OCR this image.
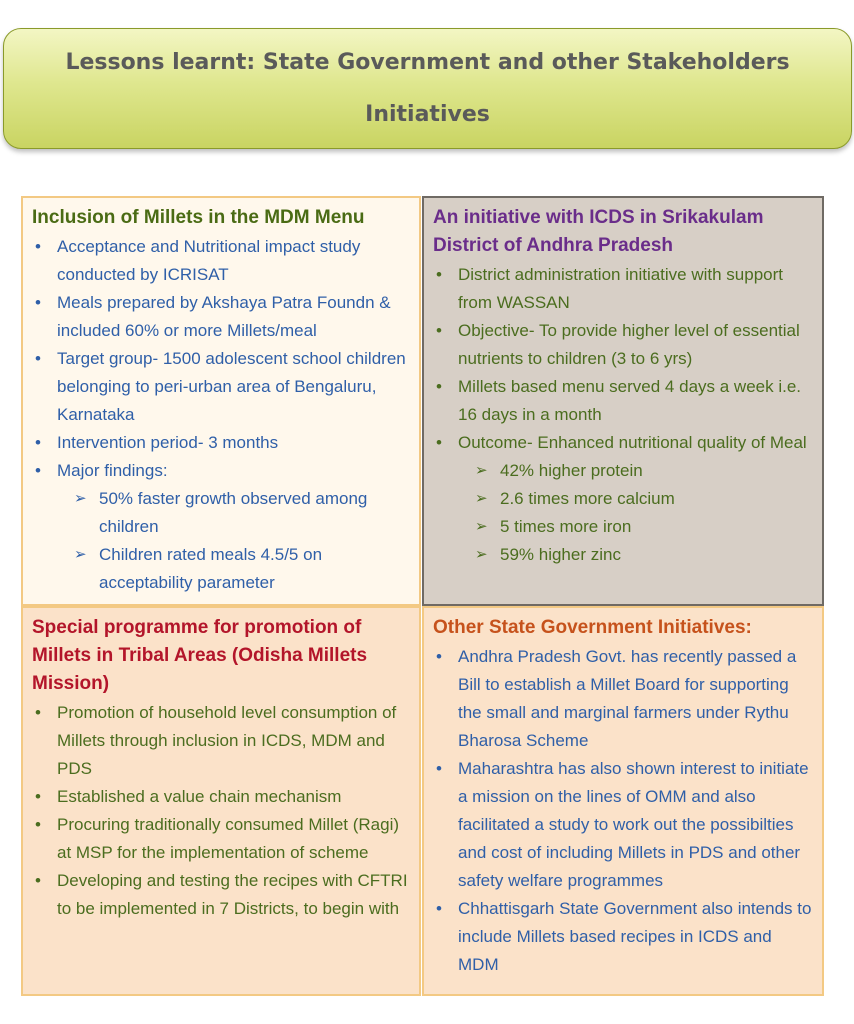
Lessons learnt: State Government and other Stakeholders
Initiatives
Inclusion of Millets in the MDM Menu
• Acceptance and Nutritional impact study conducted by ICRISAT
• Meals prepared by Akshaya Patra Foundn & included 60% or more Millets/meal
• Target group- 1500 adolescent school children belonging to peri-urban area of Bengaluru, Karnataka
• Intervention period- 3 months
• Major findings:
➢ 50% faster growth observed among children
➢ Children rated meals 4.5/5 on acceptability parameter
An initiative with ICDS in Srikakulam District of Andhra Pradesh
• District administration initiative with support from WASSAN
• Objective- To provide higher level of essential nutrients to children (3 to 6 yrs)
• Millets based menu served 4 days a week i.e. 16 days in a month
• Outcome- Enhanced nutritional quality of Meal
➢ 42% higher protein
➢ 2.6 times more calcium
➢ 5 times more iron
➢ 59% higher zinc
Special programme for promotion of Millets in Tribal Areas (Odisha Millets Mission)
• Promotion of household level consumption of Millets through inclusion in ICDS, MDM and PDS
• Established a value chain mechanism
• Procuring traditionally consumed Millet (Ragi) at MSP for the implementation of scheme
• Developing and testing the recipes with CFTRI to be implemented in 7 Districts, to begin with
Other State Government Initiatives:
• Andhra Pradesh Govt. has recently passed a Bill to establish a Millet Board for supporting the small and marginal farmers under Rythu Bharosa Scheme
• Maharashtra has also shown interest to initiate a mission on the lines of OMM and also facilitated a study to work out the possibilties and cost of including Millets in PDS and other safety welfare programmes
• Chhattisgarh State Government also intends to include Millets based recipes in ICDS and MDM
